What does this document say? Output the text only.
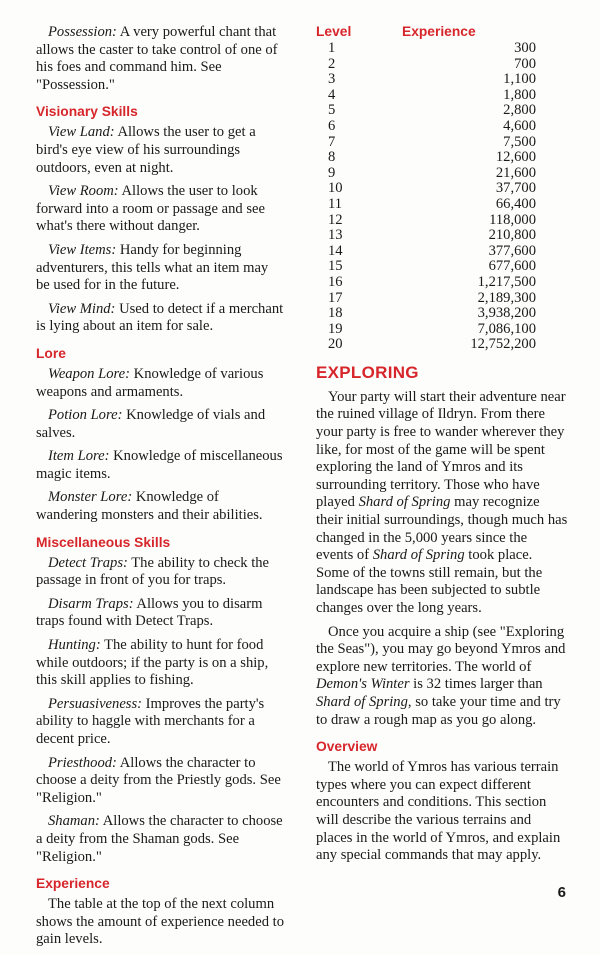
Possession: A very powerful chant that allows the caster to take control of one of his foes and command him. See "Possession."

Visionary Skills

View Land: Allows the user to get a bird's eye view of his surroundings outdoors, even at night.

View Room: Allows the user to look forward into a room or passage and see what's there without danger.

View Items: Handy for beginning adventurers, this tells what an item may be used for in the future.

View Mind: Used to detect if a merchant is lying about an item for sale.

Lore

Weapon Lore: Knowledge of various weapons and armaments.

Potion Lore: Knowledge of vials and salves.

Item Lore: Knowledge of miscellaneous magic items.

Monster Lore: Knowledge of wandering monsters and their abilities.

Miscellaneous Skills

Detect Traps: The ability to check the passage in front of you for traps.

Disarm Traps: Allows you to disarm traps found with Detect Traps.

Hunting: The ability to hunt for food while outdoors; if the party is on a ship, this skill applies to fishing.

Persuasiveness: Improves the party's ability to haggle with merchants for a decent price.

Priesthood: Allows the character to choose a deity from the Priestly gods. See "Religion."

Shaman: Allows the character to choose a deity from the Shaman gods. See "Religion."

Experience

The table at the top of the next column shows the amount of experience needed to gain levels.

Level	Experience
1	300
2	700
3	1,100
4	1,800
5	2,800
6	4,600
7	7,500
8	12,600
9	21,600
10	37,700
11	66,400
12	118,000
13	210,800
14	377,600
15	677,600
16	1,217,500
17	2,189,300
18	3,938,200
19	7,086,100
20	12,752,200
EXPLORING

Your party will start their adventure near the ruined village of Ildryn. From there your party is free to wander wherever they like, for most of the game will be spent exploring the land of Ymros and its surrounding territory. Those who have played Shard of Spring may recognize their initial surroundings, though much has changed in the 5,000 years since the events of Shard of Spring took place. Some of the towns still remain, but the landscape has been subjected to subtle changes over the long years.

Once you acquire a ship (see "Exploring the Seas"), you may go beyond Ymros and explore new territories. The world of Demon's Winter is 32 times larger than Shard of Spring, so take your time and try to draw a rough map as you go along.

Overview

The world of Ymros has various terrain types where you can expect different encounters and conditions. This section will describe the various terrains and places in the world of Ymros, and explain any special commands that may apply.

6
